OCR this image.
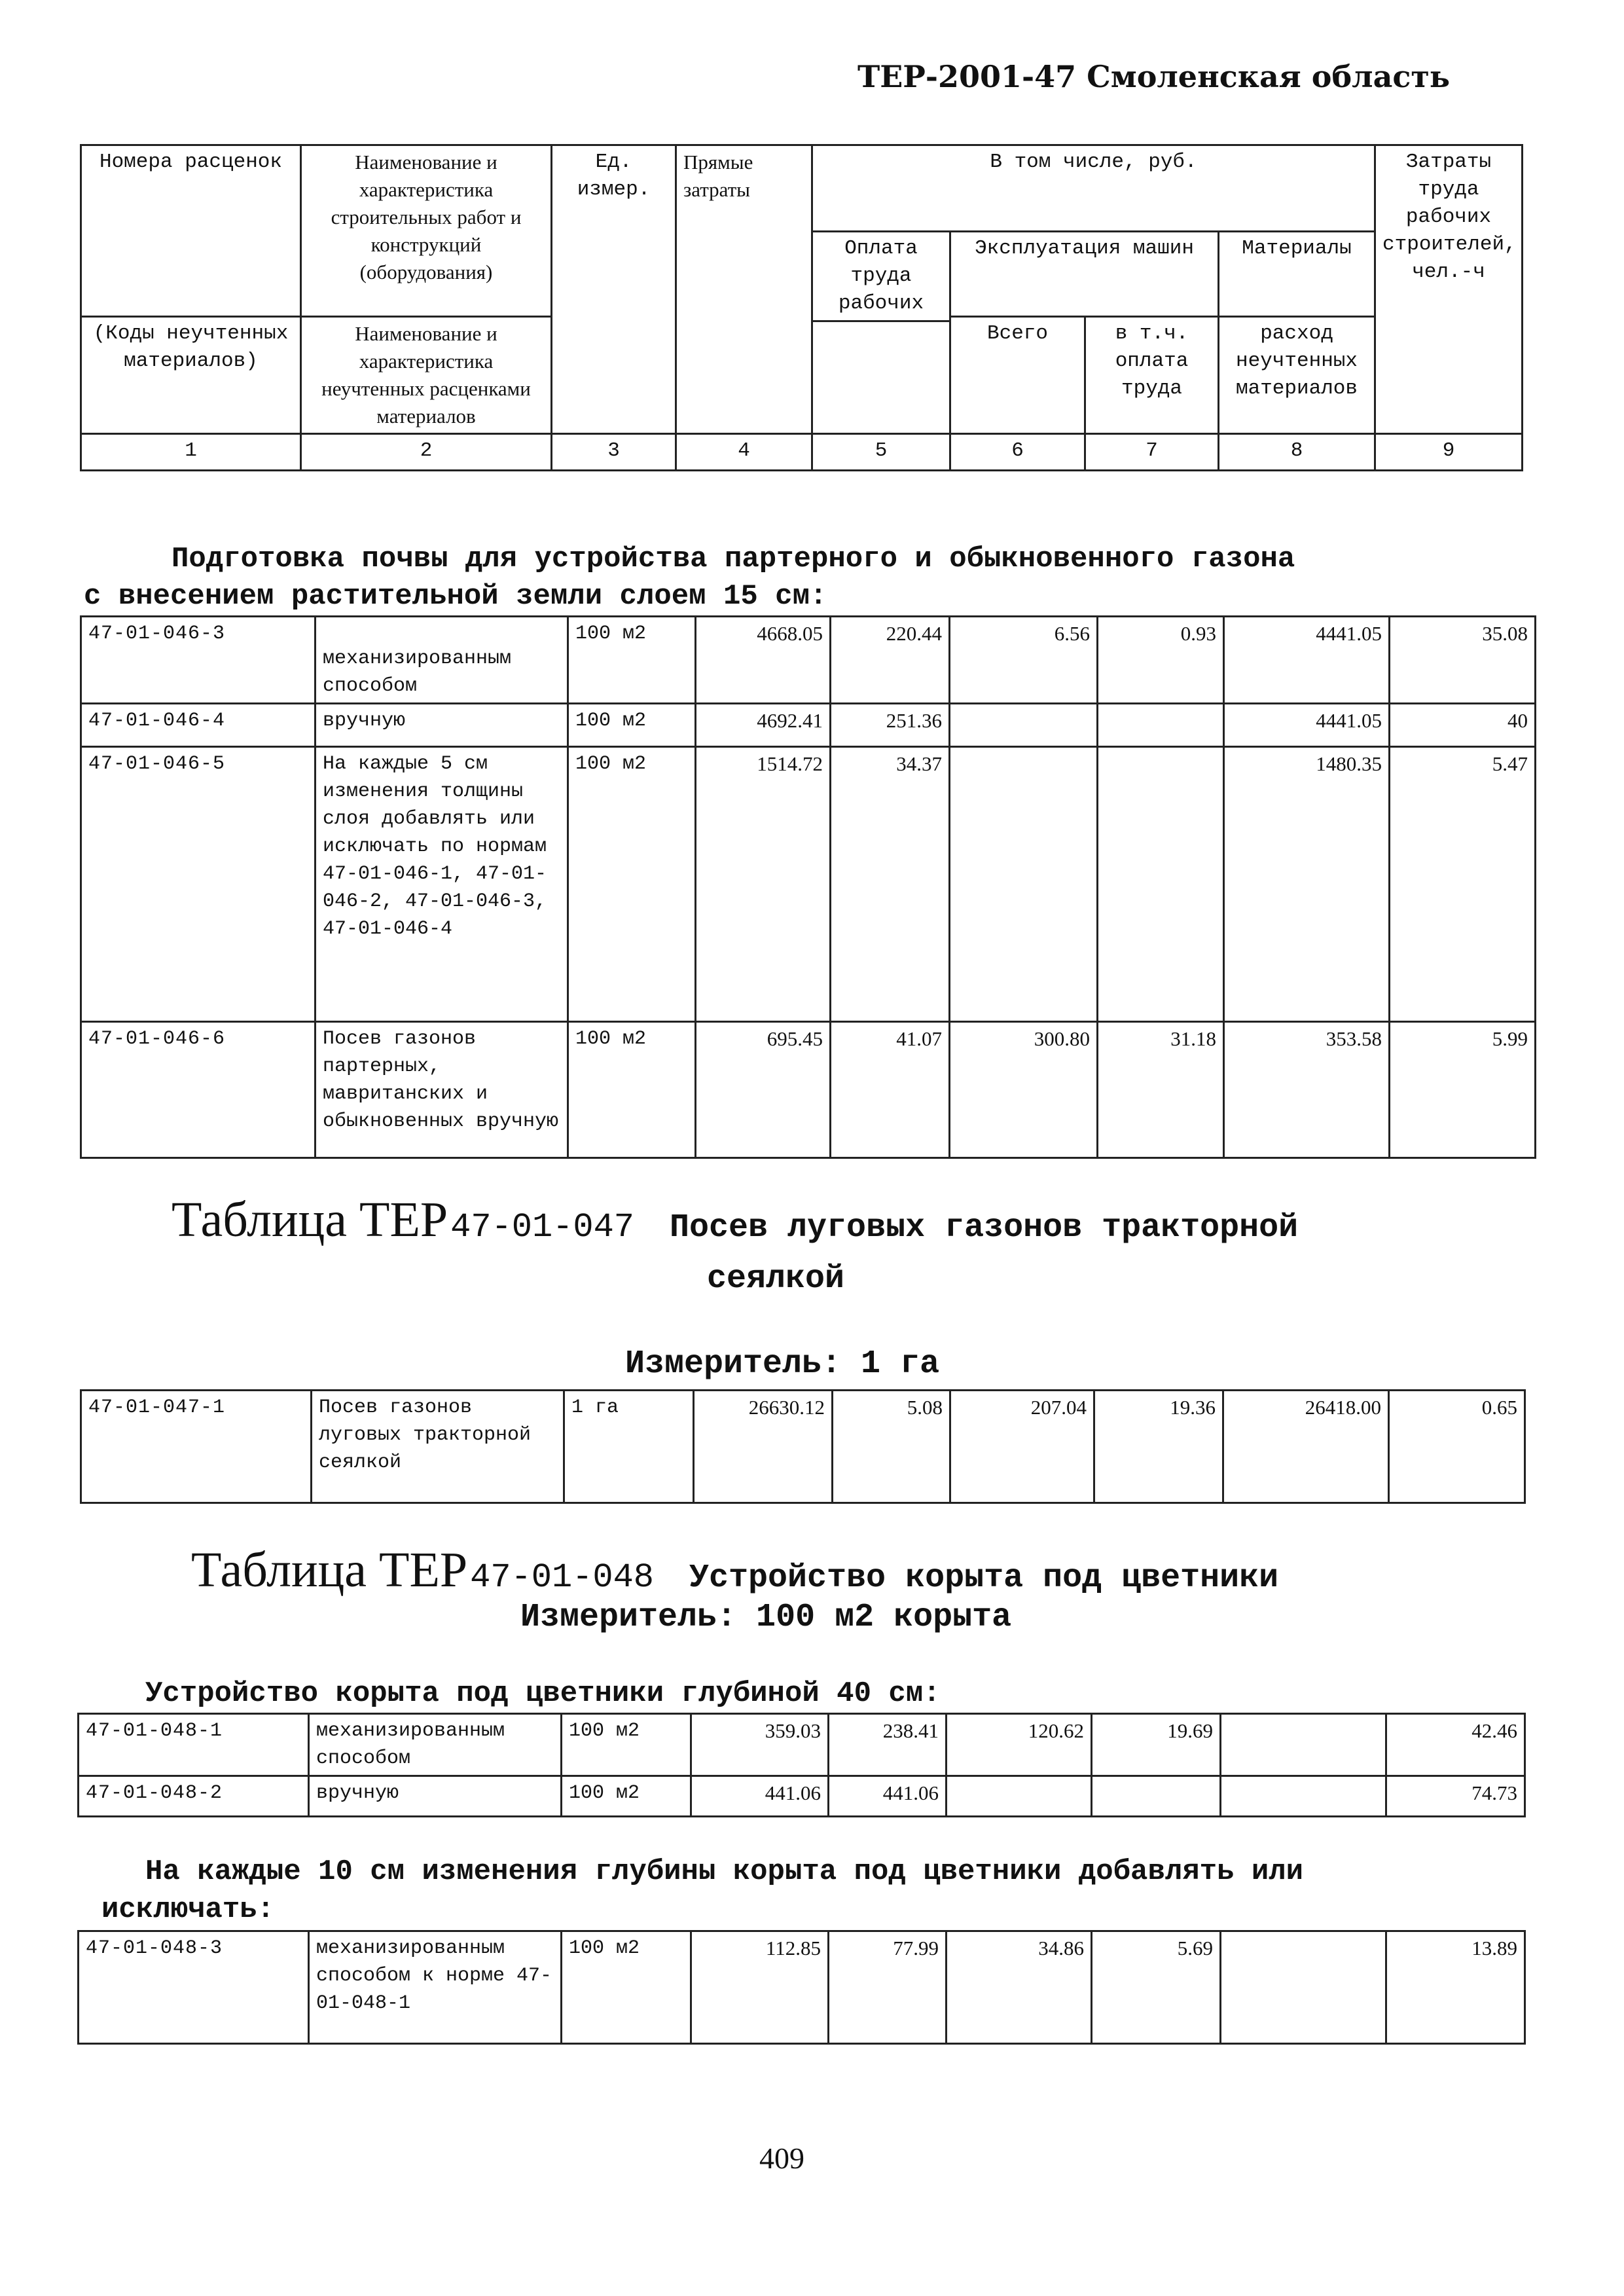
ТЕР-2001-47 Смоленская область
Номера расценок	Наименование и характеристика строительных работ и конструкций (оборудования)	Ед. измер.	Прямые затраты	В том числе, руб.				Затраты труда рабочих строителей, чел.-ч
				Оплата труда рабочих	Эксплуатация машин		Материалы	
(Коды неучтенных материалов)	Наименование и характеристика неучтенных расценками материалов				Всего	в т.ч. оплата труда	расход неучтенных материалов	

1	2	3	4	5	6	7	8	9
Подготовка почвы для устройства партерного и обыкновенного газона
с внесением растительной земли слоем 15 см:
47-01-046-3	механизированным способом	100 м2	4668.05	220.44	6.56	0.93	4441.05	35.08
47-01-046-4	вручную	100 м2	4692.41	251.36			4441.05	40
47-01-046-5	На каждые 5 см изменения толщины слоя добавлять или исключать по нормам 47-01-046-1, 47-01-046-2, 47-01-046-3, 47-01-046-4	100 м2	1514.72	34.37			1480.35	5.47
47-01-046-6	Посев газонов партерных, мавританских и обыкновенных вручную	100 м2	695.45	41.07	300.80	31.18	353.58	5.99
Таблица ТЕР 47-01-047 Посев луговых газонов тракторной
сеялкой
Измеритель: 1 га
47-01-047-1	Посев газонов луговых тракторной сеялкой	1 га	26630.12	5.08	207.04	19.36	26418.00	0.65
Таблица ТЕР 47-01-048 Устройство корыта под цветники
Измеритель: 100 м2 корыта
Устройство корыта под цветники глубиной 40 см:
47-01-048-1	механизированным способом	100 м2	359.03	238.41	120.62	19.69		42.46
47-01-048-2	вручную	100 м2	441.06	441.06				74.73
На каждые 10 см изменения глубины корыта под цветники добавлять или
исключать:
47-01-048-3	механизированным способом к норме 47-01-048-1	100 м2	112.85	77.99	34.86	5.69		13.89
409
